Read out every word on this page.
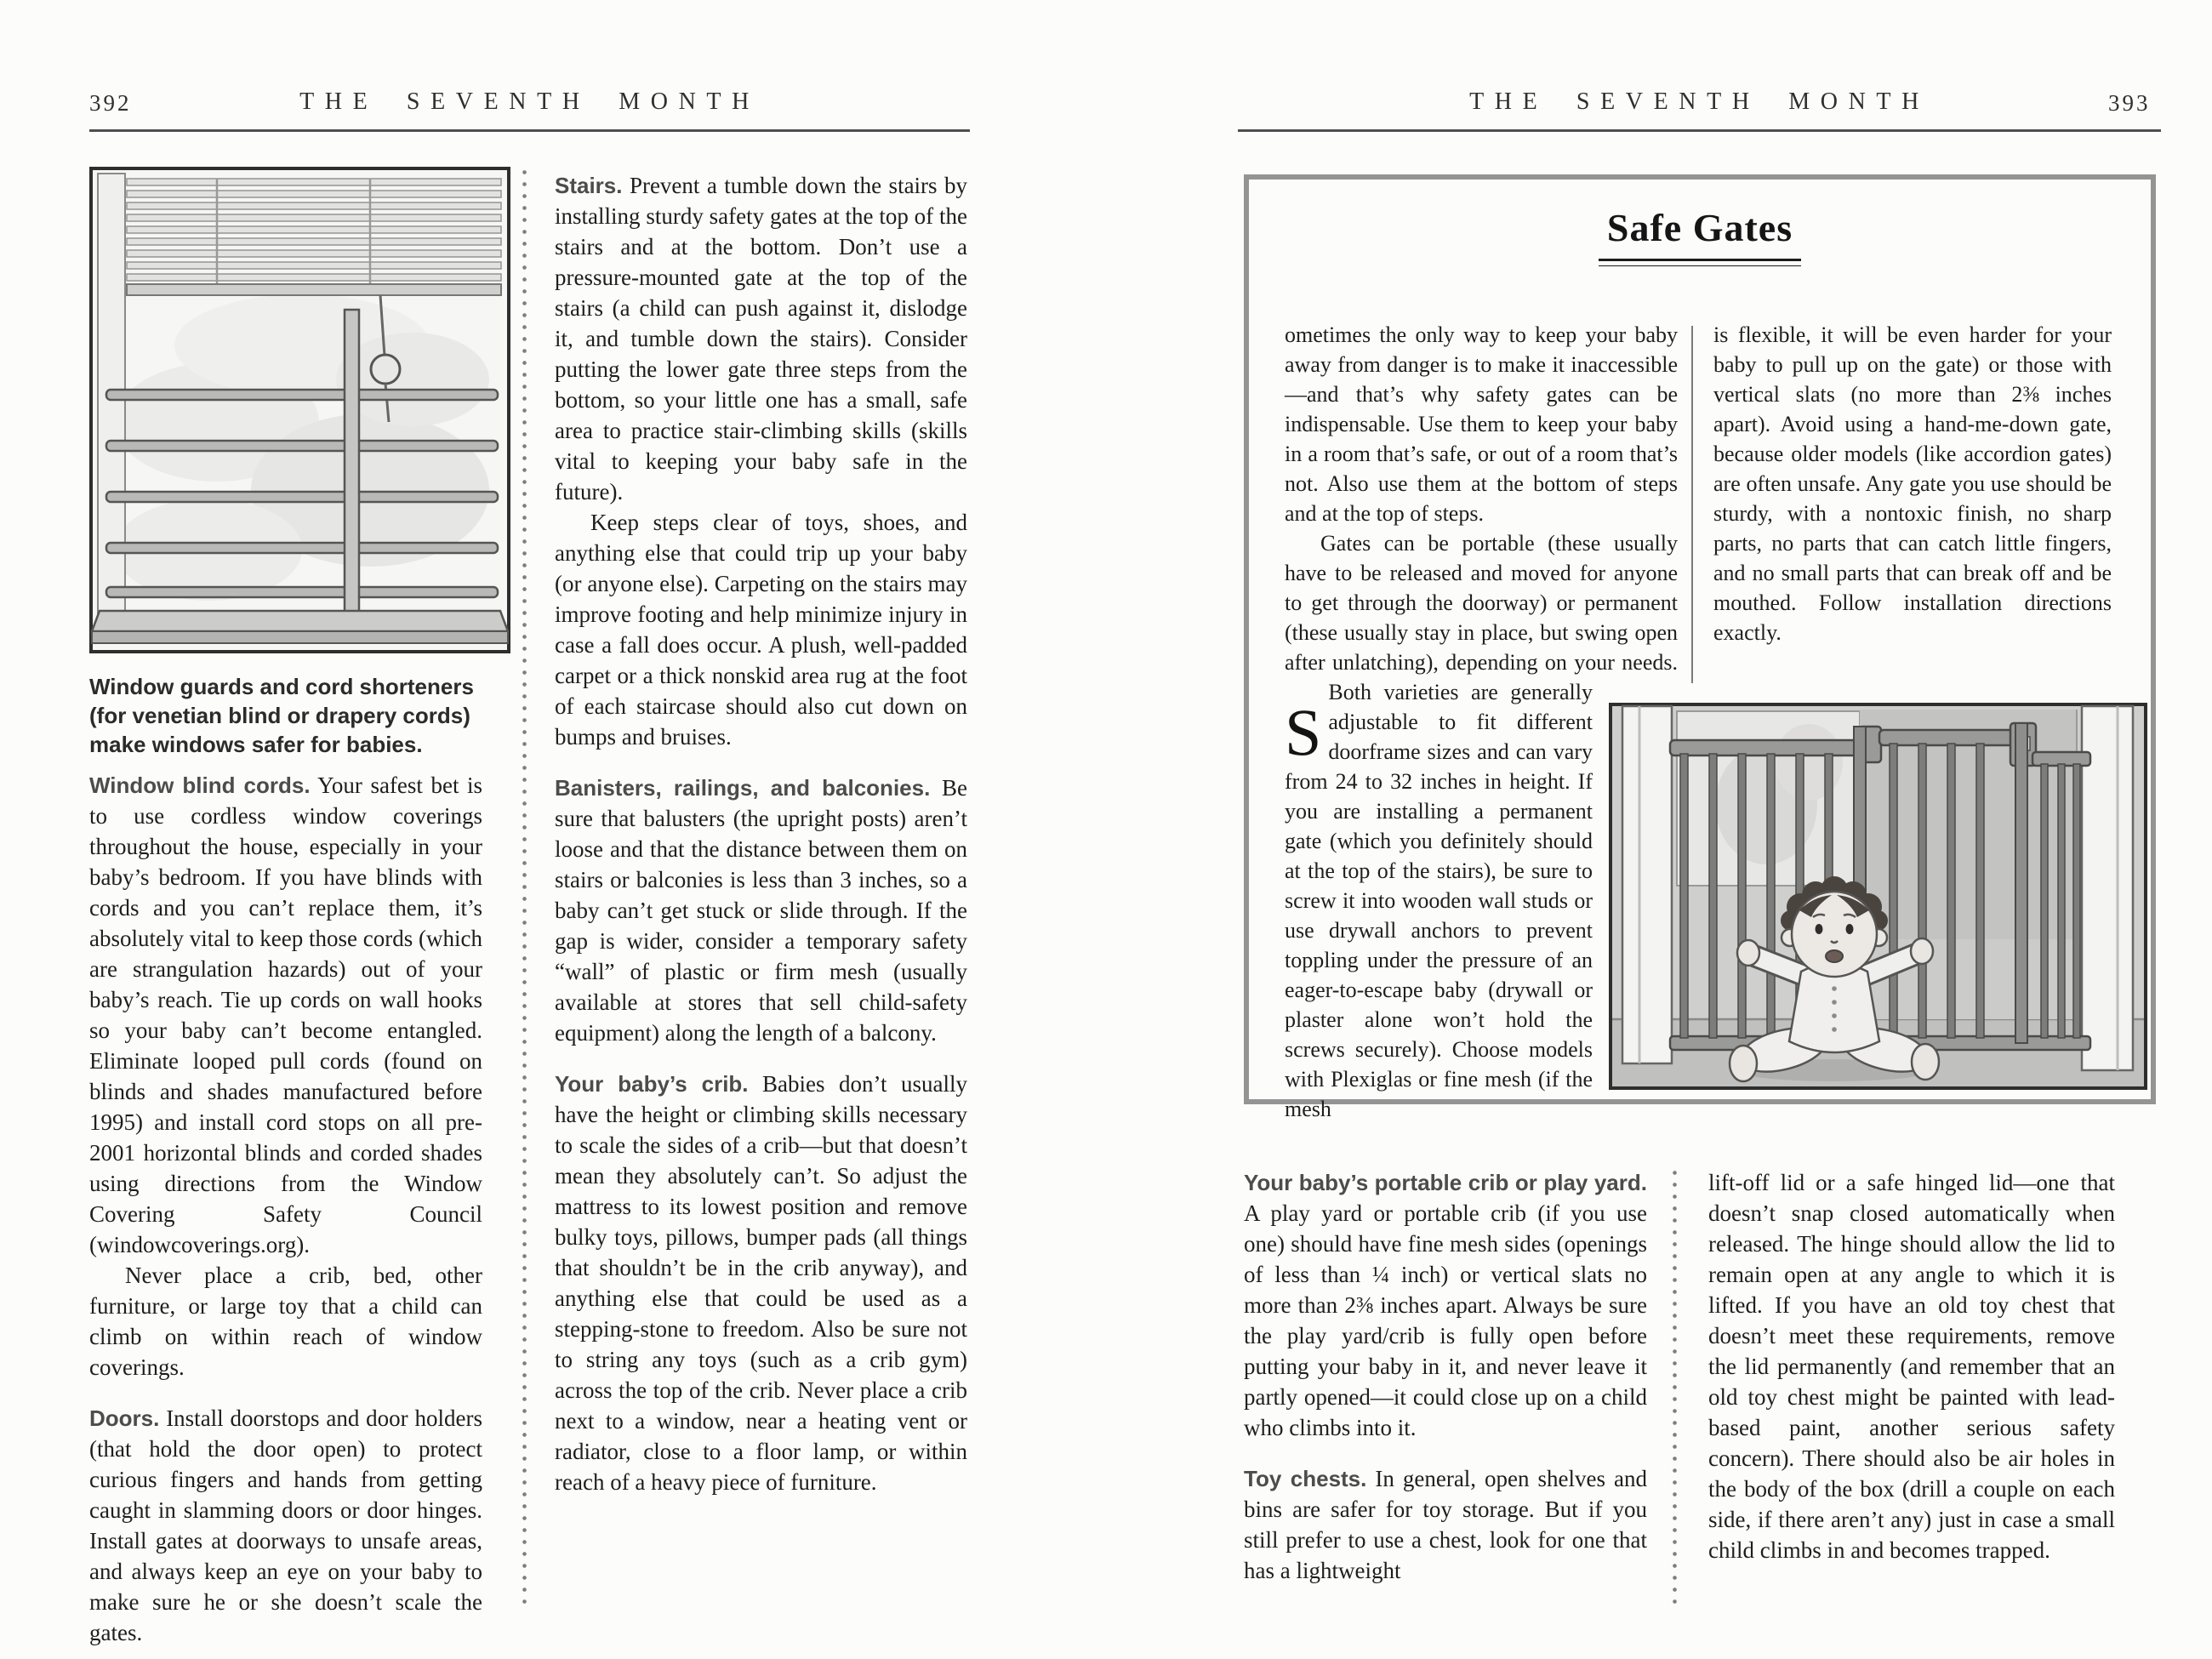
392	THE SEVENTH MONTH
Window guards and cord shorteners (for venetian blind or drapery cords) make windows safer for babies.

Window blind cords. Your safest bet is to use cordless window coverings throughout the house, especially in your baby’s bedroom. If you have blinds with cords and you can’t replace them, it’s absolutely vital to keep those cords (which are strangulation hazards) out of your baby’s reach. Tie up cords on wall hooks so your baby can’t become entangled. Eliminate looped pull cords (found on blinds and shades manufactured before 1995) and install cord stops on all pre-2001 horizontal blinds and corded shades using directions from the Window Covering Safety Council (windowcoverings.org).

Never place a crib, bed, other furniture, or large toy that a child can climb on within reach of window coverings.

Doors. Install doorstops and door holders (that hold the door open) to protect curious fingers and hands from getting caught in slamming doors or door hinges. Install gates at doorways to unsafe areas, and always keep an eye on your baby to make sure he or she doesn’t scale the gates.

Stairs. Prevent a tumble down the stairs by installing sturdy safety gates at the top of the stairs and at the bottom. Don’t use a pressure-mounted gate at the top of the stairs (a child can push against it, dislodge it, and tumble down the stairs). Consider putting the lower gate three steps from the bottom, so your little one has a small, safe area to practice stair-climbing skills (skills vital to keeping your baby safe in the future).

Keep steps clear of toys, shoes, and anything else that could trip up your baby (or anyone else). Carpeting on the stairs may improve footing and help minimize injury in case a fall does occur. A plush, well-padded carpet or a thick nonskid area rug at the foot of each staircase should also cut down on bumps and bruises.

Banisters, railings, and balconies. Be sure that balusters (the upright posts) aren’t loose and that the distance between them on stairs or balconies is less than 3 inches, so a baby can’t get stuck or slide through. If the gap is wider, consider a temporary safety “wall” of plastic or firm mesh (usually available at stores that sell child-safety equipment) along the length of a balcony.

Your baby’s crib. Babies don’t usually have the height or climbing skills necessary to scale the sides of a crib—but that doesn’t mean they absolutely can’t. So adjust the mattress to its lowest position and remove bulky toys, pillows, bumper pads (all things that shouldn’t be in the crib anyway), and anything else that could be used as a stepping-stone to freedom. Also be sure not to string any toys (such as a crib gym) across the top of the crib. Never place a crib next to a window, near a heating vent or radiator, close to a floor lamp, or within reach of a heavy piece of furniture.

THE SEVENTH MONTH	393
Safe Gates

S
ometimes the only way to keep your baby away from danger is to make it inaccessible—and that’s why safety gates can be indispensable. Use them to keep your baby in a room that’s safe, or out of a room that’s not. Also use them at the bottom of steps and at the top of steps.

Gates can be portable (these usually have to be released and moved for anyone to get through the doorway) or permanent (these usually stay in place, but swing open after unlatching), depending on your needs. Both varieties are generally adjustable to fit different doorframe sizes and can vary from 24 to 32 inches in height. If you are installing a permanent gate (which you definitely should at the top of the stairs), be sure to screw it into wooden wall studs or use drywall anchors to prevent toppling under the pressure of an eager-to-escape baby (drywall or plaster alone won’t hold the screws securely). Choose models with Plexiglas or fine mesh (if the mesh

is flexible, it will be even harder for your baby to pull up on the gate) or those with vertical slats (no more than 2⅜ inches apart). Avoid using a hand-me-down gate, because older models (like accordion gates) are often unsafe. Any gate you use should be sturdy, with a nontoxic finish, no sharp parts, no parts that can catch little fingers, and no small parts that can break off and be mouthed. Follow installation directions exactly.

Your baby’s portable crib or play yard. A play yard or portable crib (if you use one) should have fine mesh sides (openings of less than ¼ inch) or vertical slats no more than 2⅜ inches apart. Always be sure the play yard/crib is fully open before putting your baby in it, and never leave it partly opened—it could close up on a child who climbs into it.

Toy chests. In general, open shelves and bins are safer for toy storage. But if you still prefer to use a chest, look for one that has a lightweight

lift-off lid or a safe hinged lid—one that doesn’t snap closed automatically when released. The hinge should allow the lid to remain open at any angle to which it is lifted. If you have an old toy chest that doesn’t meet these requirements, remove the lid permanently (and remember that an old toy chest might be painted with lead-based paint, another serious safety concern). There should also be air holes in the body of the box (drill a couple on each side, if there aren’t any) just in case a small child climbs in and becomes trapped.
